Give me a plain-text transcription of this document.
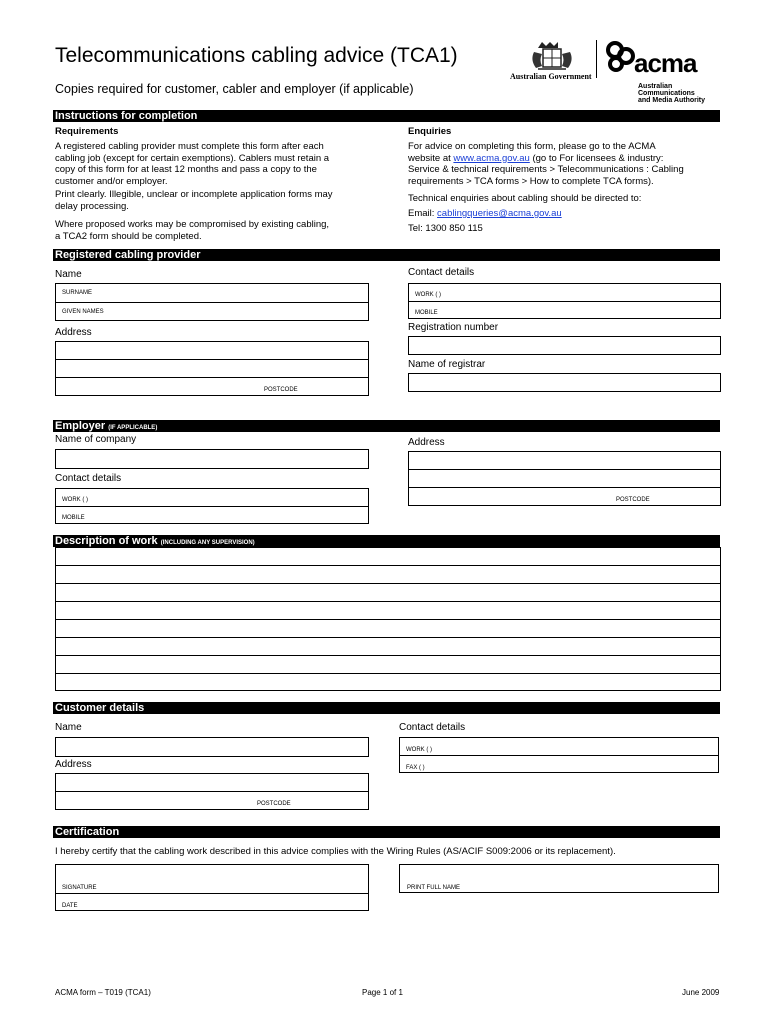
Telecommunications cabling advice (TCA1)
Copies required for customer, cabler and employer (if applicable)
Australian Government acma
Australian
Communications
and Media Authority
Instructions for completion
Requirements
A registered cabling provider must complete this form after each
cabling job (except for certain exemptions). Cablers must retain a
copy of this form for at least 12 months and pass a copy to the
customer and/or employer.
Print clearly. Illegible, unclear or incomplete application forms may
delay processing.
Where proposed works may be compromised by existing cabling,
a TCA2 form should be completed.
Enquiries
For advice on completing this form, please go to the ACMA
website at www.acma.gov.au (go to For licensees & industry:
Service & technical requirements > Telecommunications : Cabling
requirements > TCA forms > How to complete TCA forms).
Technical enquiries about cabling should be directed to:
Email: cablingqueries@acma.gov.au
Tel: 1300 850 115
Registered cabling provider
Name
SURNAME
GIVEN NAMES
Address
POSTCODE
Contact details
WORK ( )
MOBILE
Registration number
Name of registrar
Employer (IF APPLICABLE)
Name of company
Contact details
WORK ( )
MOBILE
Address
POSTCODE
Description of work (INCLUDING ANY SUPERVISION)
Customer details
Name
Address
POSTCODE
Contact details
WORK ( )
FAX ( )
Certification
I hereby certify that the cabling work described in this advice complies with the Wiring Rules (AS/ACIF S009:2006 or its replacement).
SIGNATURE
DATE
PRINT FULL NAME
ACMA form – T019 (TCA1)	Page 1 of 1	June 2009
